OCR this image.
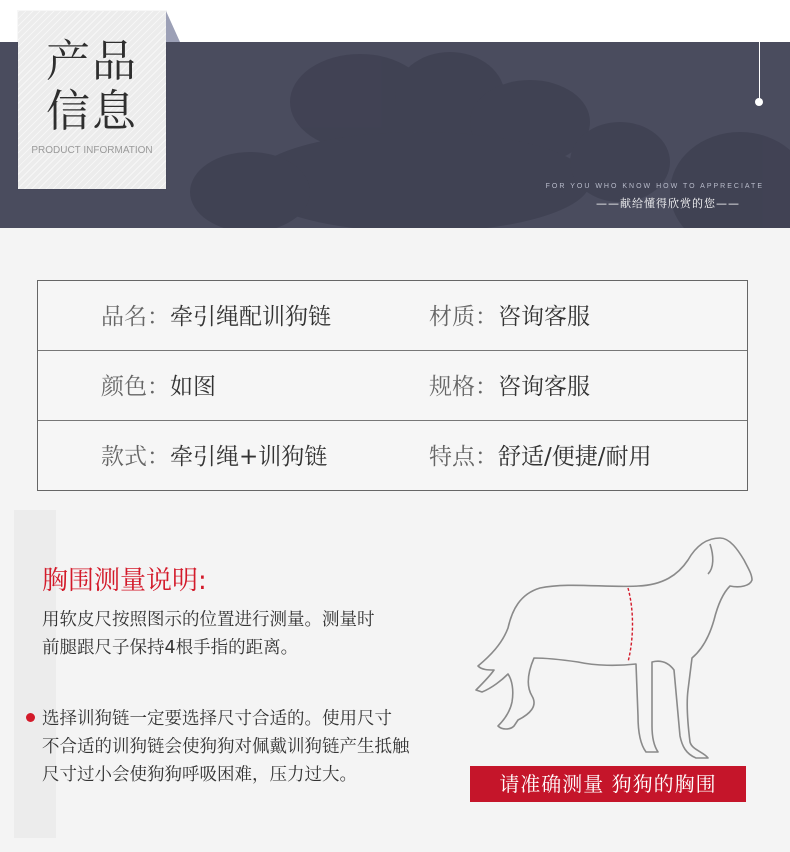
产品
信息
PRODUCT INFORMATION
FOR YOU WHO KNOW HOW TO APPRECIATE
——献给懂得欣赏的您——
品名：牵引绳配训狗链	材质：咨询客服
颜色：如图	规格：咨询客服
款式：牵引绳+训狗链	特点：舒适/便捷/耐用
胸围测量说明:
用软皮尺按照图示的位置进行测量。测量时
前腿跟尺子保持4根手指的距离。
选择训狗链一定要选择尺寸合适的。使用尺寸
不合适的训狗链会使狗狗对佩戴训狗链产生抵触
尺寸过小会使狗狗呼吸困难，压力过大。	请准确测量 狗狗的胸围
